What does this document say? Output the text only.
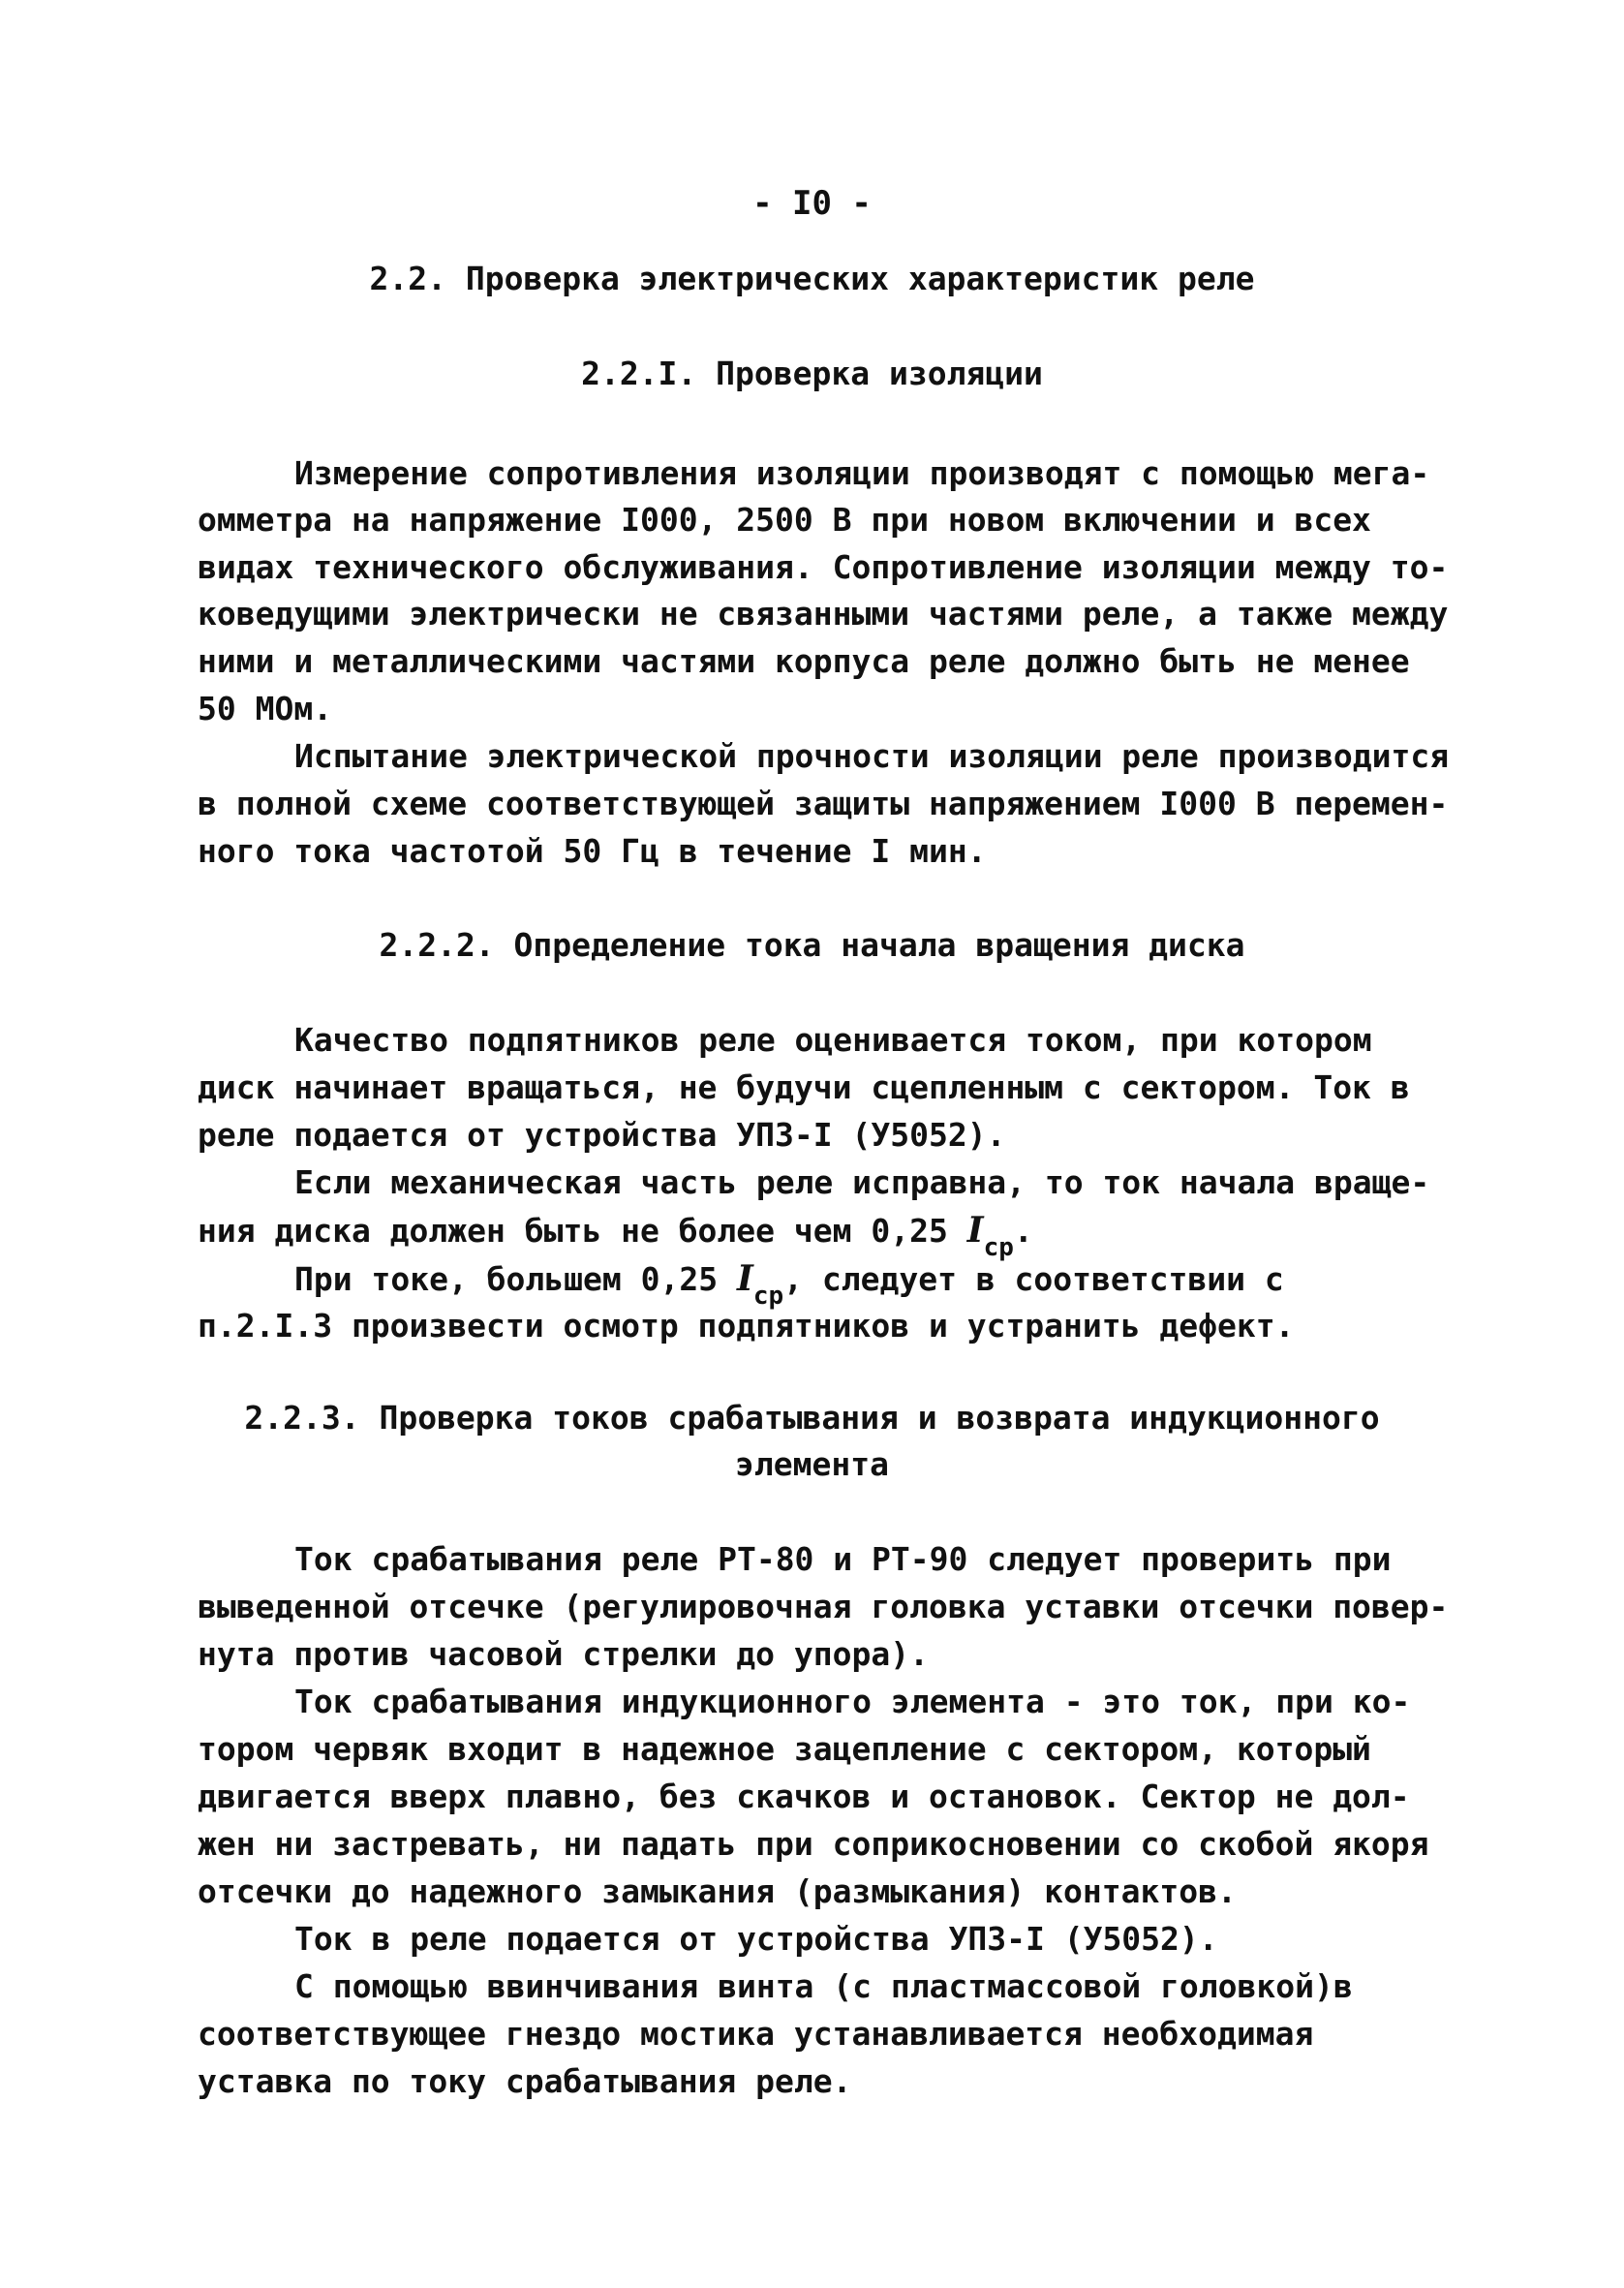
- I0 -
2.2. Проверка электрических характеристик реле
2.2.I. Проверка изоляции
Измерение сопротивления изоляции производят с помощью мега-
омметра на напряжение I000, 2500 В при новом включении и всех
видах технического обслуживания. Сопротивление изоляции между то-
коведущими электрически не связанными частями реле, а также между
ними и металлическими частями корпуса реле должно быть не менее
50 МОм.
Испытание электрической прочности изоляции реле производится
в полной схеме соответствующей защиты напряжением I000 В перемен-
ного тока частотой 50 Гц в течение I мин.
2.2.2. Определение тока начала вращения диска
Качество подпятников реле оценивается током, при котором
диск начинает вращаться, не будучи сцепленным с сектором. Ток в
реле подается от устройства УПЗ-I (У5052).
Если механическая часть реле исправна, то ток начала враще-
ния диска должен быть не более чем 0,25 $I_{ср}$.
При токе, большем 0,25 $I_{ср}$, следует в соответствии с
п.2.I.3 произвести осмотр подпятников и устранить дефект.
2.2.3. Проверка токов срабатывания и возврата индукционного
элемента
Ток срабатывания реле РТ-80 и РТ-90 следует проверить при
выведенной отсечке (регулировочная головка уставки отсечки повер-
нута против часовой стрелки до упора).
Ток срабатывания индукционного элемента - это ток, при ко-
тором червяк входит в надежное зацепление с сектором, который
двигается вверх плавно, без скачков и остановок. Сектор не дол-
жен ни застревать, ни падать при соприкосновении со скобой якоря
отсечки до надежного замыкания (размыкания) контактов.
Ток в реле подается от устройства УПЗ-I (У5052).
С помощью ввинчивания винта (с пластмассовой головкой)в
соответствующее гнездо мостика устанавливается необходимая
уставка по току срабатывания реле.
